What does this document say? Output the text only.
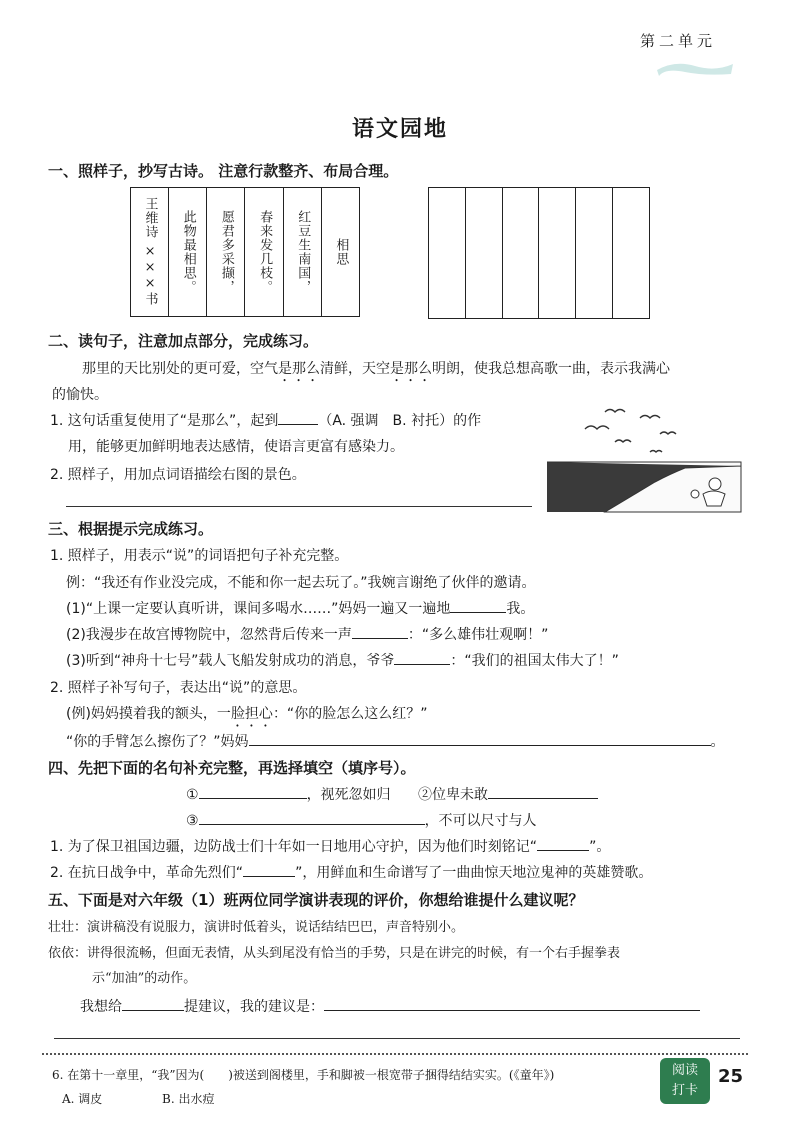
第二单元
语文园地
一、照样子，抄写古诗。 注意行款整齐、布局合理。
相思
红豆生南国，
春来发几枝。
愿君多采撷，
此物最相思。
王维诗 ×××书
二、读句子，注意加点部分，完成练习。
那里的天比别处的更可爱，空气是那么清鲜，天空是那么明朗，使我总想高歌一曲，表示我满心
的愉快。
1. 这句话重复使用了“是那么”，起到	（A. 强调　B. 衬托）的作
用，能够更加鲜明地表达感情，使语言更富有感染力。
2. 照样子，用加点词语描绘右图的景色。
三、根据提示完成练习。
1. 照样子，用表示“说”的词语把句子补充完整。
例：“我还有作业没完成，不能和你一起去玩了。”我婉言谢绝了伙伴的邀请。
(1)“上课一定要认真听讲，课间多喝水……”妈妈一遍又一遍地	我。
(2)我漫步在故宫博物院中，忽然背后传来一声	：“多么雄伟壮观啊！”
(3)听到“神舟十七号”载人飞船发射成功的消息，爷爷	：“我们的祖国太伟大了！”
2. 照样子补写句子，表达出“说”的意思。
(例)妈妈摸着我的额头，一脸担心：“你的脸怎么这么红？”
“你的手臂怎么擦伤了？”妈妈	。
四、先把下面的名句补充完整，再选择填空（填序号）。
①	，视死忽如归 ②位卑未敢
③	，不可以尺寸与人
1. 为了保卫祖国边疆，边防战士们十年如一日地用心守护，因为他们时刻铭记“	”。
2. 在抗日战争中，革命先烈们“	”，用鲜血和生命谱写了一曲曲惊天地泣鬼神的英雄赞歌。
五、下面是对六年级（1）班两位同学演讲表现的评价，你想给谁提什么建议呢？
壮壮：演讲稿没有说服力，演讲时低着头，说话结结巴巴，声音特别小。
依依：讲得很流畅，但面无表情，从头到尾没有恰当的手势，只是在讲完的时候，有一个右手握拳表
示“加油”的动作。
我想给	提建议，我的建议是：
6. 在第十一章里，“我”因为(　　)被送到阁楼里，手和脚被一根宽带子捆得结结实实。(《童年》)
A. 调皮	B. 出水痘
阅读
打卡
25
